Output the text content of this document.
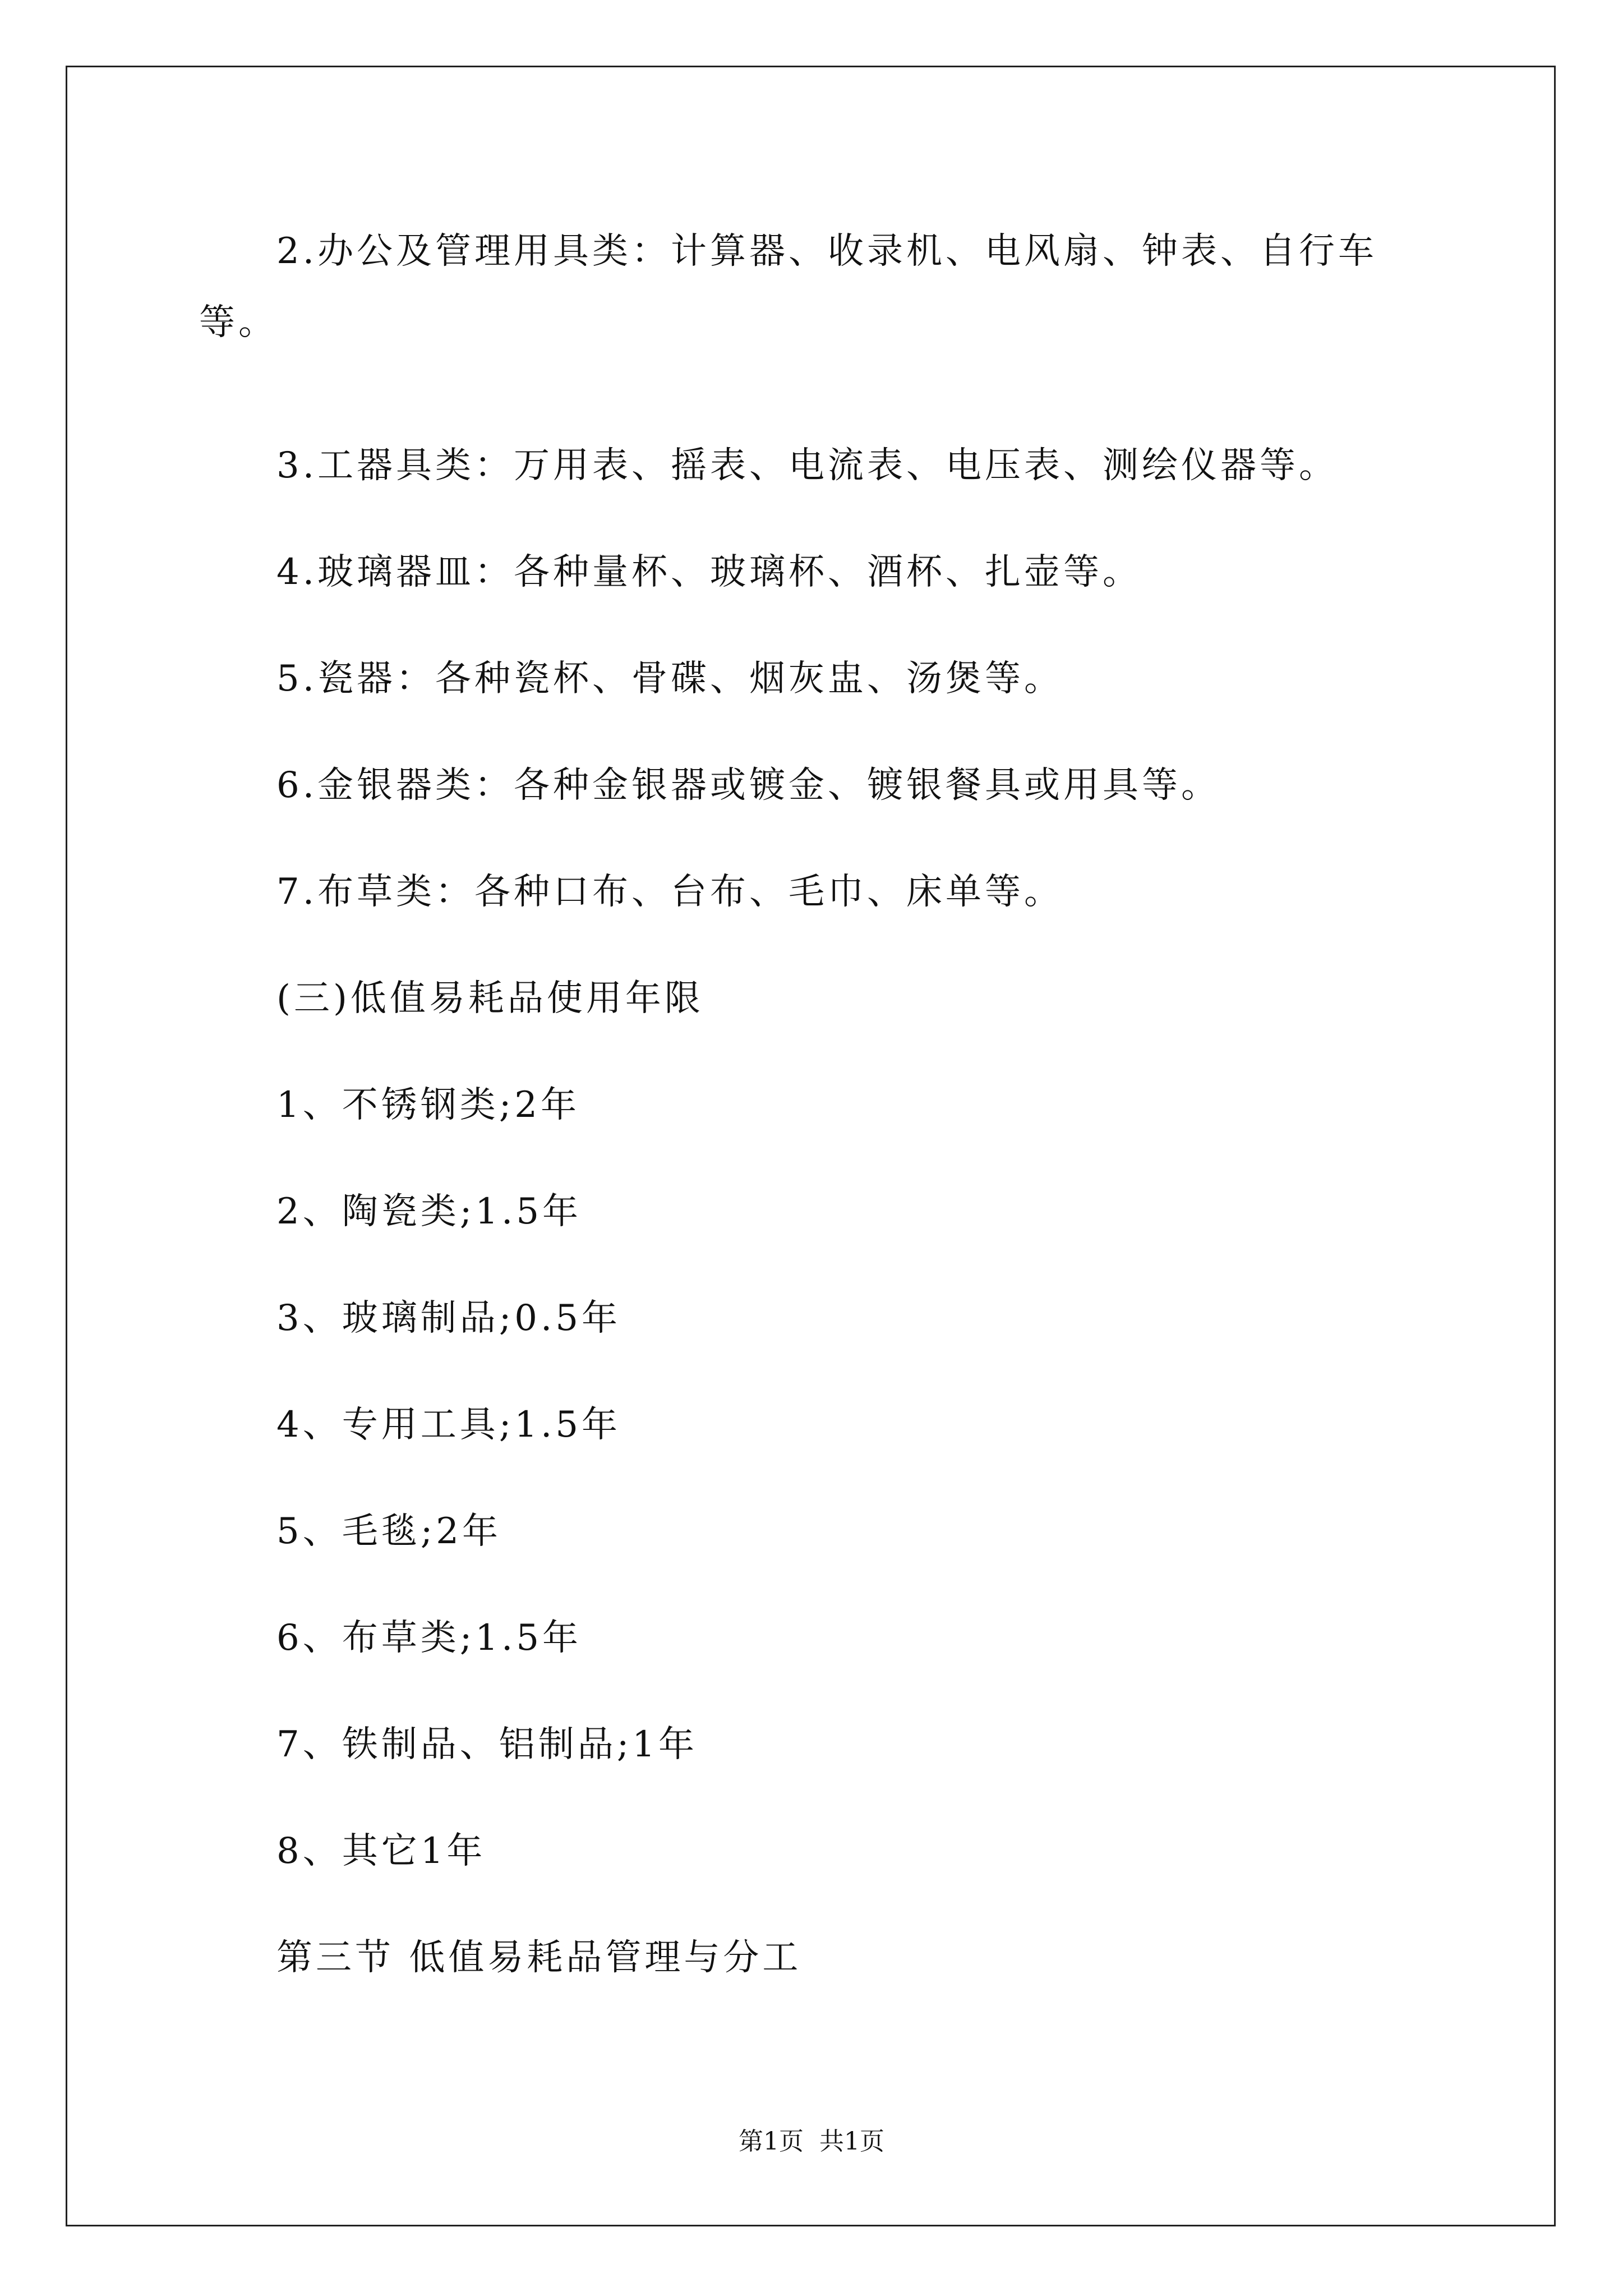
2.办公及管理用具类：计算器、收录机、电风扇、钟表、自行车
等。
3.工器具类：万用表、摇表、电流表、电压表、测绘仪器等。
4.玻璃器皿：各种量杯、玻璃杯、酒杯、扎壶等。
5.瓷器：各种瓷杯、骨碟、烟灰盅、汤煲等。
6.金银器类：各种金银器或镀金、镀银餐具或用具等。
7.布草类：各种口布、台布、毛巾、床单等。
(三)低值易耗品使用年限
1、不锈钢类;2年
2、陶瓷类;1.5年
3、玻璃制品;0.5年
4、专用工具;1.5年
5、毛毯;2年
6、布草类;1.5年
7、铁制品、铝制品;1年
8、其它1年
第三节 低值易耗品管理与分工
第1页  共1页
